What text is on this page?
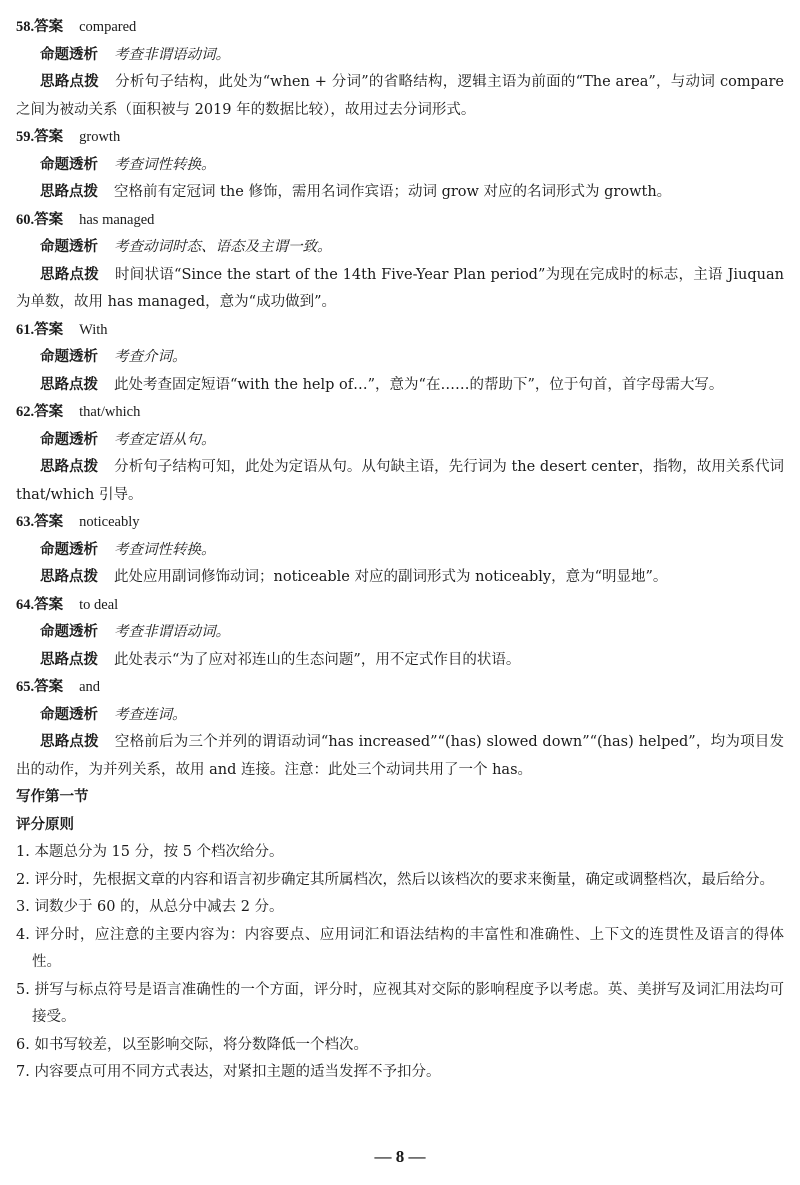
58.答案 compared
命题透析 考查非谓语动词。
思路点拨 分析句子结构，此处为“when + 分词”的省略结构，逻辑主语为前面的“The area”，与动词 compare 之间为被动关系（面积被与 2019 年的数据比较），故用过去分词形式。
59.答案 growth
命题透析 考查词性转换。
思路点拨 空格前有定冠词 the 修饰，需用名词作宾语；动词 grow 对应的名词形式为 growth。
60.答案 has managed
命题透析 考查动词时态、语态及主谓一致。
思路点拨 时间状语“Since the start of the 14th Five-Year Plan period”为现在完成时的标志，主语 Jiuquan 为单数，故用 has managed，意为“成功做到”。
61.答案 With
命题透析 考查介词。
思路点拨 此处考查固定短语“with the help of…”，意为“在……的帮助下”，位于句首，首字母需大写。
62.答案 that/which
命题透析 考查定语从句。
思路点拨 分析句子结构可知，此处为定语从句。从句缺主语，先行词为 the desert center，指物，故用关系代词 that/which 引导。
63.答案 noticeably
命题透析 考查词性转换。
思路点拨 此处应用副词修饰动词；noticeable 对应的副词形式为 noticeably，意为“明显地”。
64.答案 to deal
命题透析 考查非谓语动词。
思路点拨 此处表示“为了应对祁连山的生态问题”，用不定式作目的状语。
65.答案 and
命题透析 考查连词。
思路点拨 空格前后为三个并列的谓语动词“has increased”“(has) slowed down”“(has) helped”，均为项目发出的动作，为并列关系，故用 and 连接。注意：此处三个动词共用了一个 has。
写作第一节
评分原则
1. 本题总分为 15 分，按 5 个档次给分。
2. 评分时，先根据文章的内容和语言初步确定其所属档次，然后以该档次的要求来衡量，确定或调整档次，最后给分。
3. 词数少于 60 的，从总分中减去 2 分。
4. 评分时，应注意的主要内容为：内容要点、应用词汇和语法结构的丰富性和准确性、上下文的连贯性及语言的得体性。
5. 拼写与标点符号是语言准确性的一个方面，评分时，应视其对交际的影响程度予以考虑。英、美拼写及词汇用法均可接受。
6. 如书写较差，以至影响交际，将分数降低一个档次。
7. 内容要点可用不同方式表达，对紧扣主题的适当发挥不予扣分。
— 8 —
